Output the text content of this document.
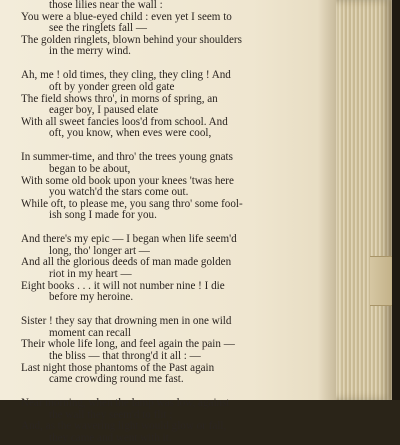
those lilies near the wall :
You were a blue-eyed child : even yet I seem to
see the ringlets fall —
The golden ringlets, blown behind your shoulders
in the merry wind.
Ah, me ! old times, they cling, they cling ! And
oft by yonder green old gate
The field shows thro', in morns of spring, an
eager boy, I paused elate
With all sweet fancies loos'd from school. And
oft, you know, when eves were cool,
In summer-time, and thro' the trees young gnats
began to be about,
With some old book upon your knees 'twas here
you watch'd the stars come out.
While oft, to please me, you sang thro' some fool-
ish song I made for you.
And there's my epic — I began when life seem'd
long, tho' longer art —
And all the glorious deeds of man made golden
riot in my heart —
Eight books . . . it will not number nine ! I die
before my heroine.
Sister ! they say that drowning men in one wild
moment can recall
Their whole life long, and feel again the pain —
the bliss — that throng'd it all : —
Last night those phantoms of the Past again
came crowding round me fast.
Near morning, when the lamp was low, against
the wall they seem'd to flit ;
And, as the wavering light would glow or fall,
they came and went with it.
